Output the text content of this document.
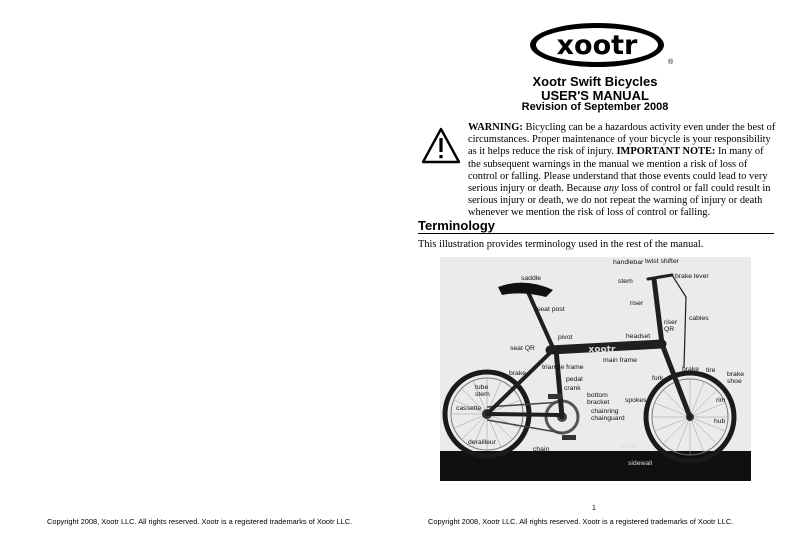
xootr
®
Xootr Swift Bicycles
USER'S MANUAL
Revision of September 2008
WARNING: Bicycling can be a hazardous activity even under the best of circumstances. Proper maintenance of your bicycle is your responsibility as it helps reduce the risk of injury. IMPORTANT NOTE: In many of the subsequent warnings in the manual we mention a risk of loss of control or falling. Please understand that those events could lead to very serious injury or death. Because any loss of control or fall could result in serious injury or death, we do not repeat the warning of injury or death whenever we mention the risk of loss of control or falling.
Terminology
This illustration provides terminology used in the rest of the manual.
xootr
handlebar twist shifter
stem
brake lever
saddle
riser
seat post
cables
riser QR
headset
pivot
seat QR
main frame
triangle frame
brake
pedal
crank
fork
brake tire
brake shoe
tube stem	bottom bracket	spokes	rim
cassette	chainring chainguard	hub
derailleur
chain	tread
sidewall
1
Copyright 2008, Xootr LLC. All rights reserved. Xootr is a registered trademarks of Xootr LLC.	Copyright 2008, Xootr LLC. All rights reserved. Xootr is a registered trademarks of Xootr LLC.
